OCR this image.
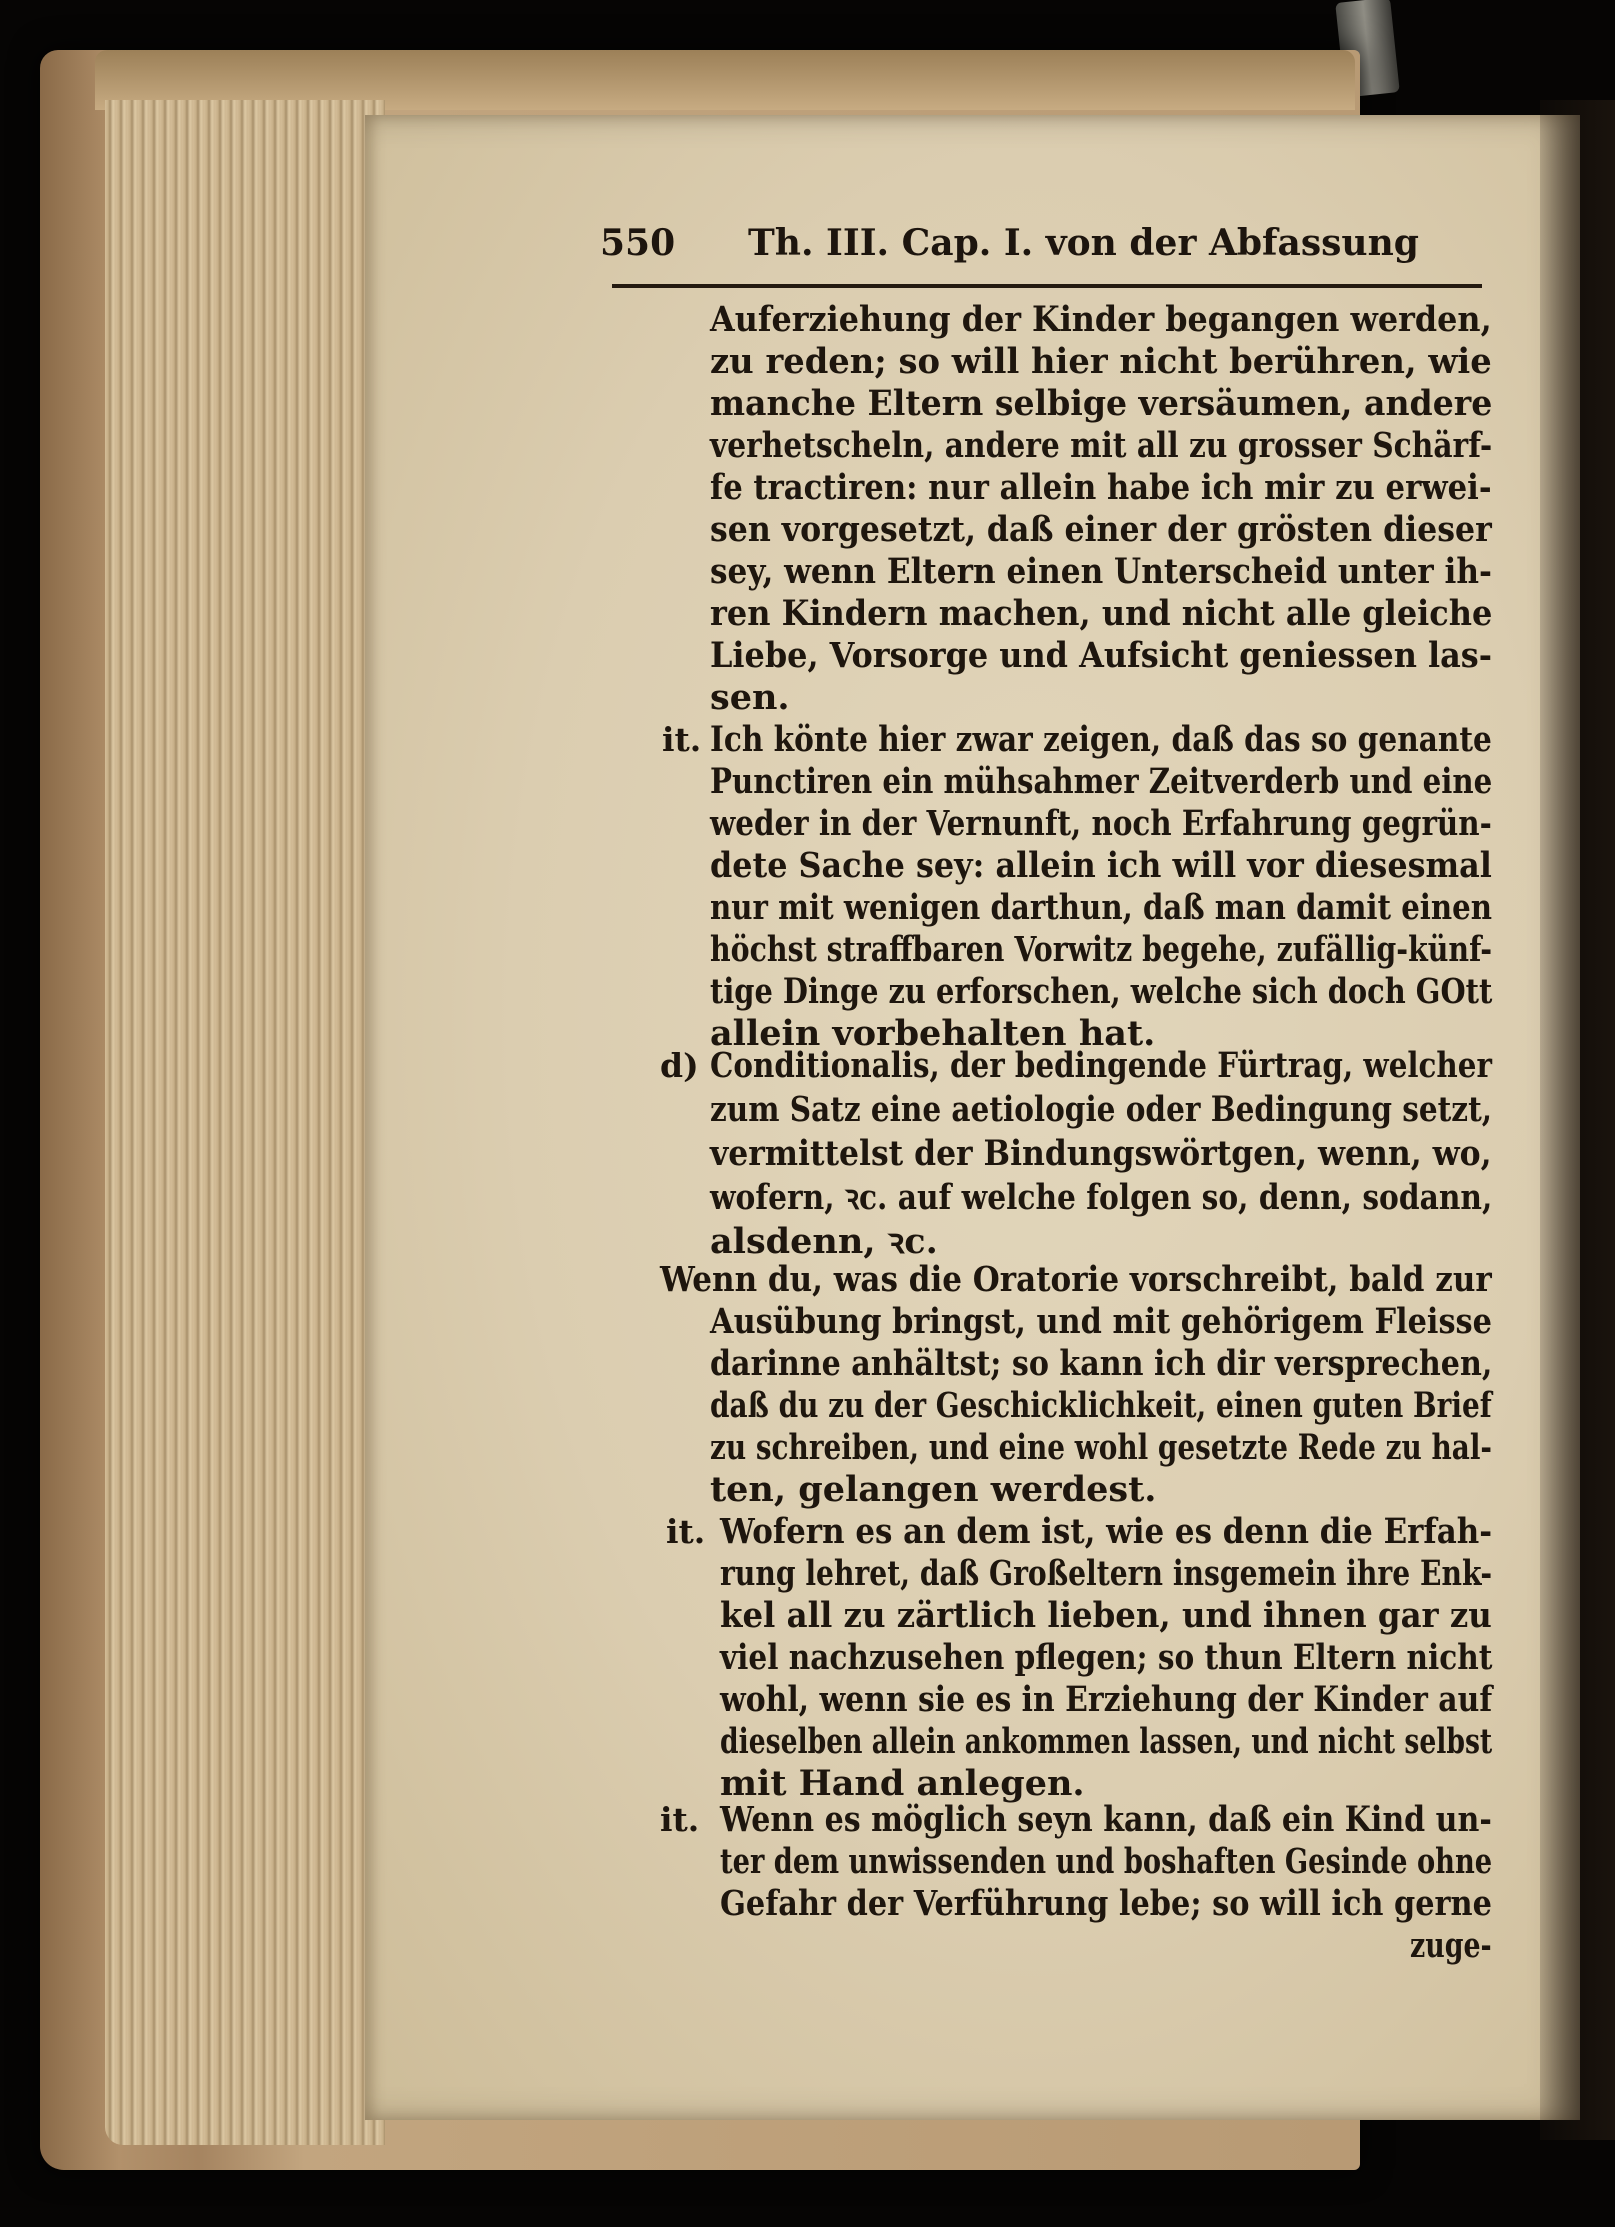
550 Th. III. Cap. I. von der Abfassung
Auferziehung der Kinder begangen werden,
zu reden; so will hier nicht berühren, wie
manche Eltern selbige versäumen, andere
verhetscheln, andere mit all zu grosser Schärf-
fe tractiren: nur allein habe ich mir zu erwei-
sen vorgesetzt, daß einer der grösten dieser
sey, wenn Eltern einen Unterscheid unter ih-
ren Kindern machen, und nicht alle gleiche
Liebe, Vorsorge und Aufsicht geniessen las-
sen.
it. Ich könte hier zwar zeigen, daß das so genante
Punctiren ein mühsahmer Zeitverderb und eine
weder in der Vernunft, noch Erfahrung gegrün-
dete Sache sey: allein ich will vor diesesmal
nur mit wenigen darthun, daß man damit einen
höchst straffbaren Vorwitz begehe, zufällig-künf-
tige Dinge zu erforschen, welche sich doch GOtt
allein vorbehalten hat.
d) Conditionalis, der bedingende Fürtrag, welcher
zum Satz eine aetiologie oder Bedingung setzt,
vermittelst der Bindungswörtgen, wenn, wo,
wofern, ꝛc. auf welche folgen so, denn, sodann,
alsdenn, ꝛc.
Wenn du, was die Oratorie vorschreibt, bald zur
Ausübung bringst, und mit gehörigem Fleisse
darinne anhältst; so kann ich dir versprechen,
daß du zu der Geschicklichkeit, einen guten Brief
zu schreiben, und eine wohl gesetzte Rede zu hal-
ten, gelangen werdest.
it. Wofern es an dem ist, wie es denn die Erfah-
rung lehret, daß Großeltern insgemein ihre Enk-
kel all zu zärtlich lieben, und ihnen gar zu
viel nachzusehen pflegen; so thun Eltern nicht
wohl, wenn sie es in Erziehung der Kinder auf
dieselben allein ankommen lassen, und nicht selbst
mit Hand anlegen.
it. Wenn es möglich seyn kann, daß ein Kind un-
ter dem unwissenden und boshaften Gesinde ohne
Gefahr der Verführung lebe; so will ich gerne
zuge-
